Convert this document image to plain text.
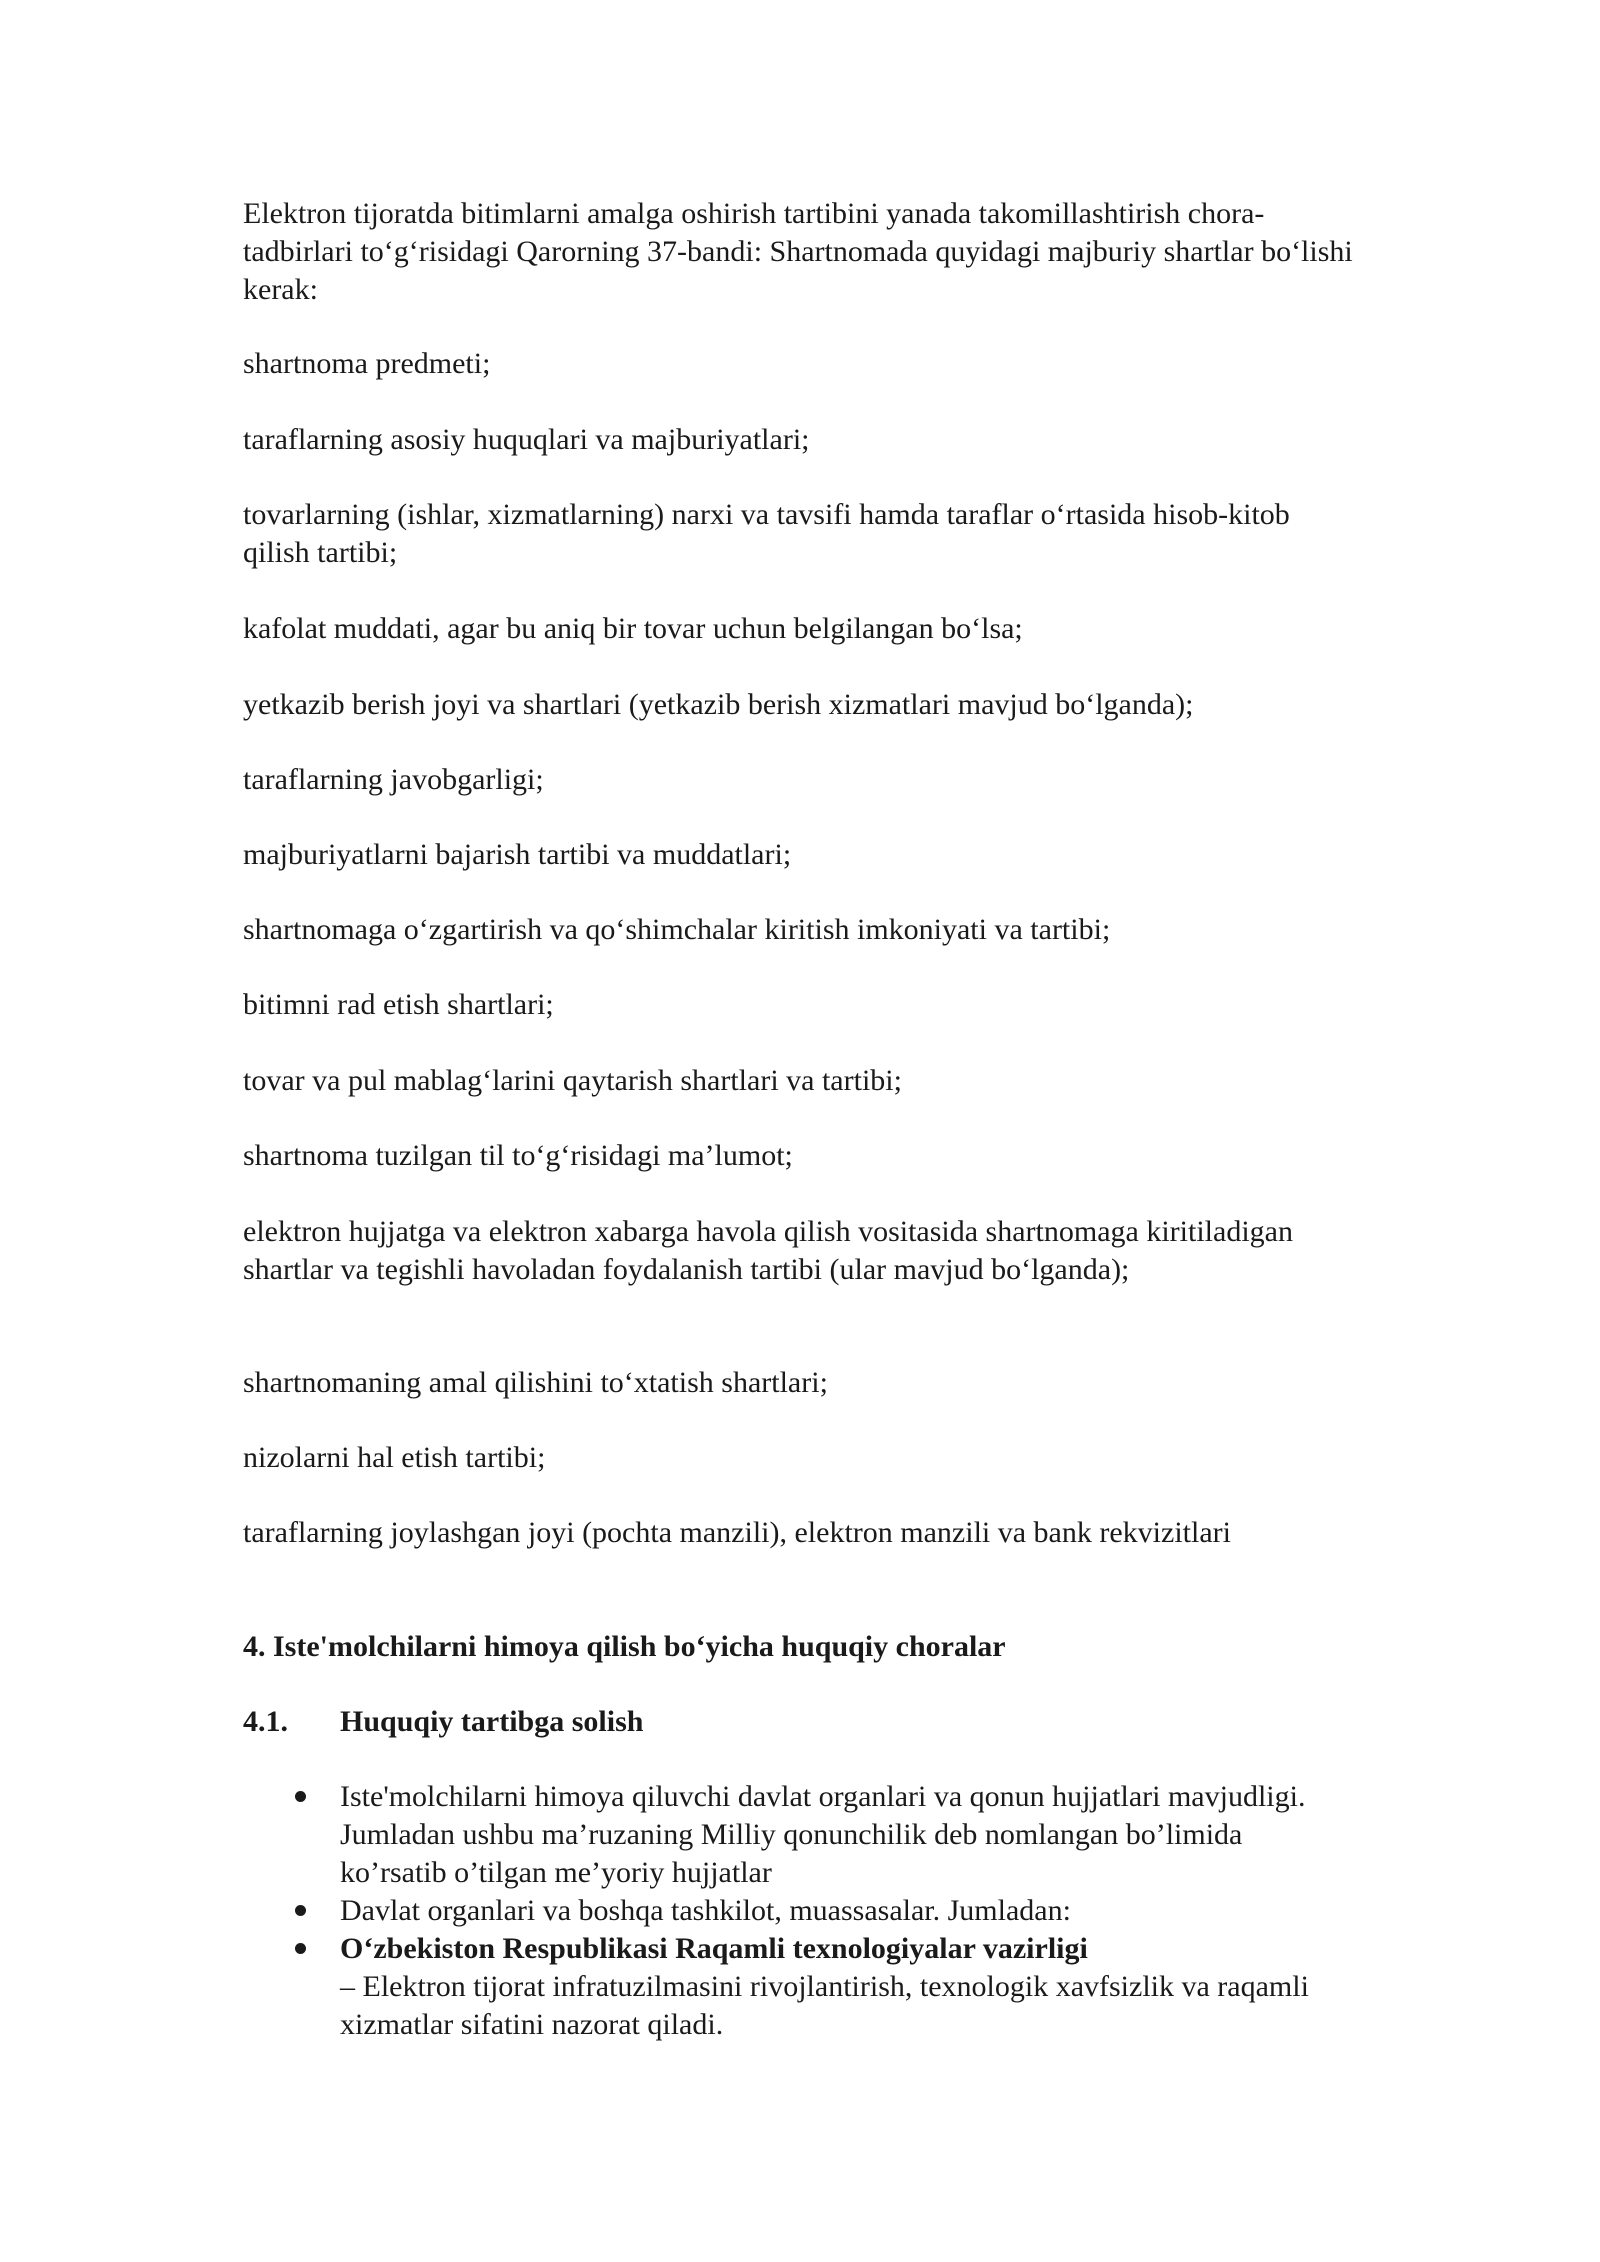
Elektron tijoratda bitimlarni amalga oshirish tartibini yanada takomillashtirish chora-tadbirlari to‘g‘risidagi Qarorning 37-bandi: Shartnomada quyidagi majburiy shartlar bo‘lishi kerak:

shartnoma predmeti;

taraflarning asosiy huquqlari va majburiyatlari;

tovarlarning (ishlar, xizmatlarning) narxi va tavsifi hamda taraflar o‘rtasida hisob-kitob qilish tartibi;

kafolat muddati, agar bu aniq bir tovar uchun belgilangan bo‘lsa;

yetkazib berish joyi va shartlari (yetkazib berish xizmatlari mavjud bo‘lganda);

taraflarning javobgarligi;

majburiyatlarni bajarish tartibi va muddatlari;

shartnomaga o‘zgartirish va qo‘shimchalar kiritish imkoniyati va tartibi;

bitimni rad etish shartlari;

tovar va pul mablag‘larini qaytarish shartlari va tartibi;

shartnoma tuzilgan til to‘g‘risidagi ma’lumot;

elektron hujjatga va elektron xabarga havola qilish vositasida shartnomaga kiritiladigan shartlar va tegishli havoladan foydalanish tartibi (ular mavjud bo‘lganda);

shartnomaning amal qilishini to‘xtatish shartlari;

nizolarni hal etish tartibi;

taraflarning joylashgan joyi (pochta manzili), elektron manzili va bank rekvizitlari

4. Iste'molchilarni himoya qilish bo‘yicha huquqiy choralar

4.1. Huquqiy tartibga solish

Iste'molchilarni himoya qiluvchi davlat organlari va qonun hujjatlari mavjudligi. Jumladan ushbu ma’ruzaning Milliy qonunchilik deb nomlangan bo’limida ko’rsatib o’tilgan me’yoriy hujjatlar
Davlat organlari va boshqa tashkilot, muassasalar. Jumladan:
O‘zbekiston Respublikasi Raqamli texnologiyalar vazirligi
– Elektron tijorat infratuzilmasini rivojlantirish, texnologik xavfsizlik va raqamli xizmatlar sifatini nazorat qiladi.
